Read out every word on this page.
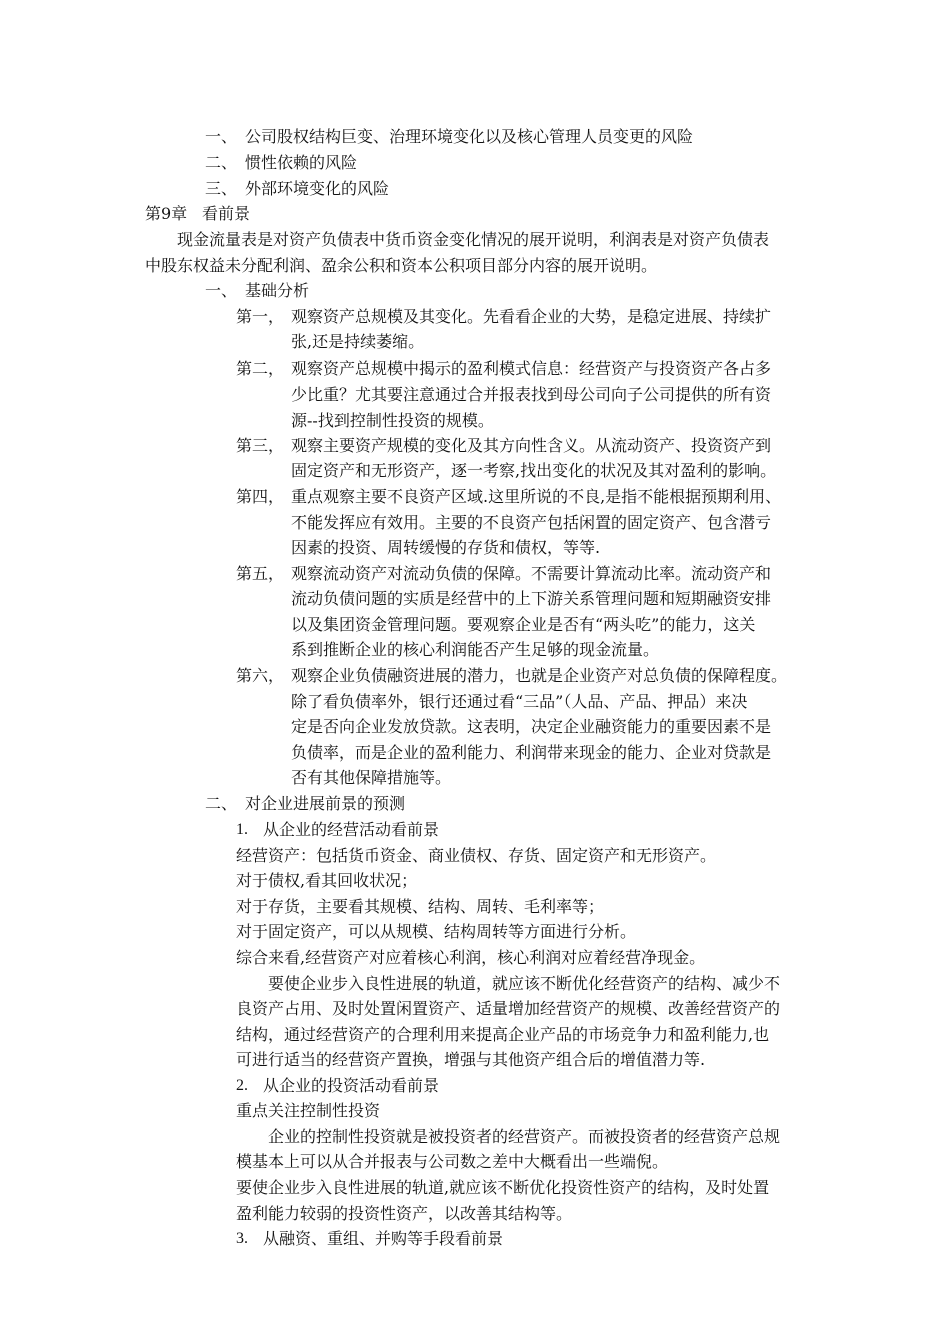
一、 公司股权结构巨变、治理环境变化以及核心管理人员变更的风险
二、 惯性依赖的风险
三、 外部环境变化的风险
第9章 看前景
现金流量表是对资产负债表中货币资金变化情况的展开说明，利润表是对资产负债表
中股东权益未分配利润、盈余公积和资本公积项目部分内容的展开说明。
一、 基础分析
第一， 观察资产总规模及其变化。先看看企业的大势，是稳定进展、持续扩
张,还是持续萎缩。
第二， 观察资产总规模中揭示的盈利模式信息：经营资产与投资资产各占多
少比重？尤其要注意通过合并报表找到母公司向子公司提供的所有资
源--找到控制性投资的规模。
第三， 观察主要资产规模的变化及其方向性含义。从流动资产、投资资产到
固定资产和无形资产，逐一考察,找出变化的状况及其对盈利的影响。
第四， 重点观察主要不良资产区域.这里所说的不良,是指不能根据预期利用、
不能发挥应有效用。主要的不良资产包括闲置的固定资产、包含潜亏
因素的投资、周转缓慢的存货和债权，等等.
第五， 观察流动资产对流动负债的保障。不需要计算流动比率。流动资产和
流动负债问题的实质是经营中的上下游关系管理问题和短期融资安排
以及集团资金管理问题。要观察企业是否有“两头吃”的能力，这关
系到推断企业的核心利润能否产生足够的现金流量。
第六， 观察企业负债融资进展的潜力，也就是企业资产对总负债的保障程度。
除了看负债率外，银行还通过看“三品”（人品、产品、押品）来决
定是否向企业发放贷款。这表明，决定企业融资能力的重要因素不是
负债率，而是企业的盈利能力、利润带来现金的能力、企业对贷款是
否有其他保障措施等。
二、 对企业进展前景的预测
1. 从企业的经营活动看前景
经营资产：包括货币资金、商业债权、存货、固定资产和无形资产。
对于债权,看其回收状况；
对于存货，主要看其规模、结构、周转、毛利率等；
对于固定资产，可以从规模、结构周转等方面进行分析。
综合来看,经营资产对应着核心利润，核心利润对应着经营净现金。
要使企业步入良性进展的轨道，就应该不断优化经营资产的结构、减少不
良资产占用、及时处置闲置资产、适量增加经营资产的规模、改善经营资产的
结构，通过经营资产的合理利用来提高企业产品的市场竞争力和盈利能力,也
可进行适当的经营资产置换，增强与其他资产组合后的增值潜力等.
2. 从企业的投资活动看前景
重点关注控制性投资
企业的控制性投资就是被投资者的经营资产。而被投资者的经营资产总规
模基本上可以从合并报表与公司数之差中大概看出一些端倪。
要使企业步入良性进展的轨道,就应该不断优化投资性资产的结构，及时处置
盈利能力较弱的投资性资产，以改善其结构等。
3. 从融资、重组、并购等手段看前景
